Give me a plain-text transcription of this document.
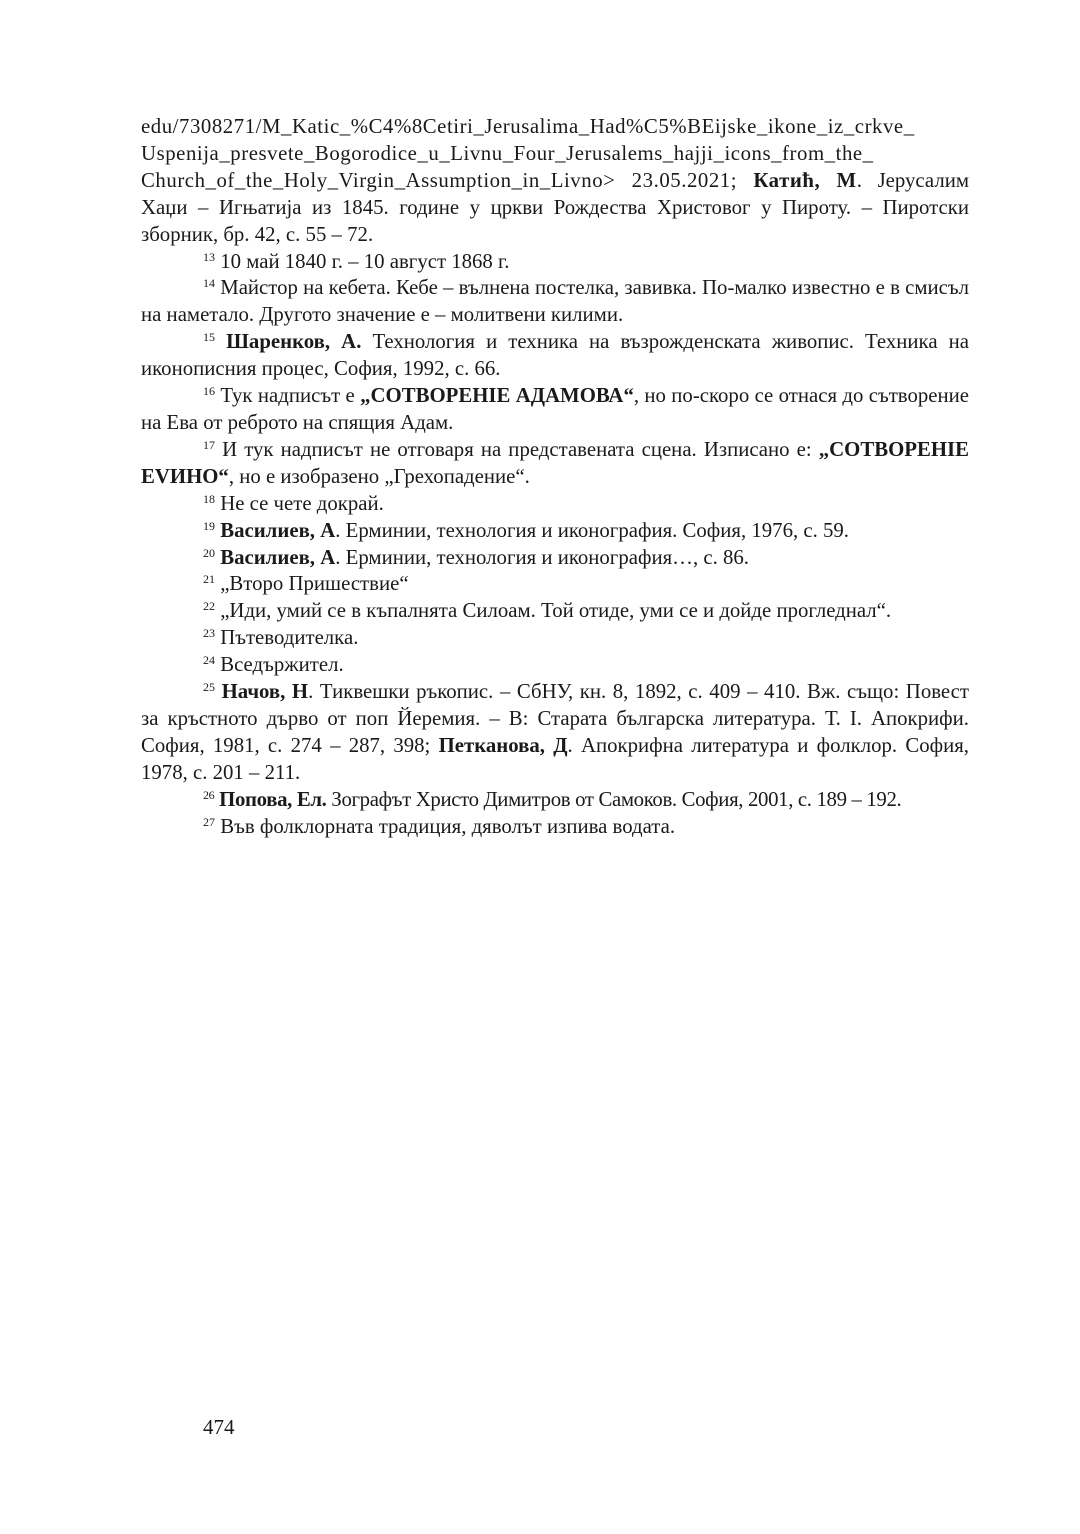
edu/7308271/M_Katic_%C4%8Cetiri_Jerusalima_Had%C5%BEijske_ikone_iz_crkve_
Uspenija_presvete_Bogorodice_u_Livnu_Four_Jerusalems_hajji_icons_from_the_
Church_of_the_Holy_Virgin_Assumption_in_Livno> 23.05.2021; Катић, М. Јерусалим Хаџи – Игњатија из 1845. године у цркви Рождества Христовог у Пироту. – Пиротски зборник, бр. 42, с. 55 – 72.

$^{13}$ 10 май 1840 г. – 10 август 1868 г.

$^{14}$ Майстор на кебета. Кебе – вълнена постелка, завивка. По-малко известно е в смисъл на наметало. Другото значение е – молитвени килими.

$^{15}$ Шаренков, А. Технология и техника на възрожденската живопис. Техника на иконописния процес, София, 1992, с. 66.

$^{16}$ Тук надписът е „СОТВОРЕНІЕ АДАМОВА“, но по-скоро се отнася до сътворение на Ева от реброто на спящия Адам.

$^{17}$ И тук надписът не отговаря на представената сцена. Изписано е: „СОТВОРЕНІЕ ЕVИНО“, но е изобразено „Грехопадение“.

$^{18}$ Не се чете докрай.

$^{19}$ Василиев, А. Ерминии, технология и иконография. София, 1976, с. 59.

$^{20}$ Василиев, А. Ерминии, технология и иконография…, с. 86.

$^{21}$ „Второ Пришествие“

$^{22}$ „Иди, умий се в къпалнята Силоам. Той отиде, уми се и дойде прогледнал“.

$^{23}$ Пътеводителка.

$^{24}$ Вседържител.

$^{25}$ Начов, Н. Тиквешки ръкопис. – СбНУ, кн. 8, 1892, с. 409 – 410. Вж. също: Повест за кръстното дърво от поп Йеремия. – В: Старата българска литература. Т. I. Апокрифи. София, 1981, с. 274 – 287, 398; Петканова, Д. Апокрифна литература и фолклор. София, 1978, с. 201 – 211.

$^{26}$ Попова, Ел. Зографът Христо Димитров от Самоков. София, 2001, с. 189 – 192.

$^{27}$ Във фолклорната традиция, дяволът изпива водата.

474
